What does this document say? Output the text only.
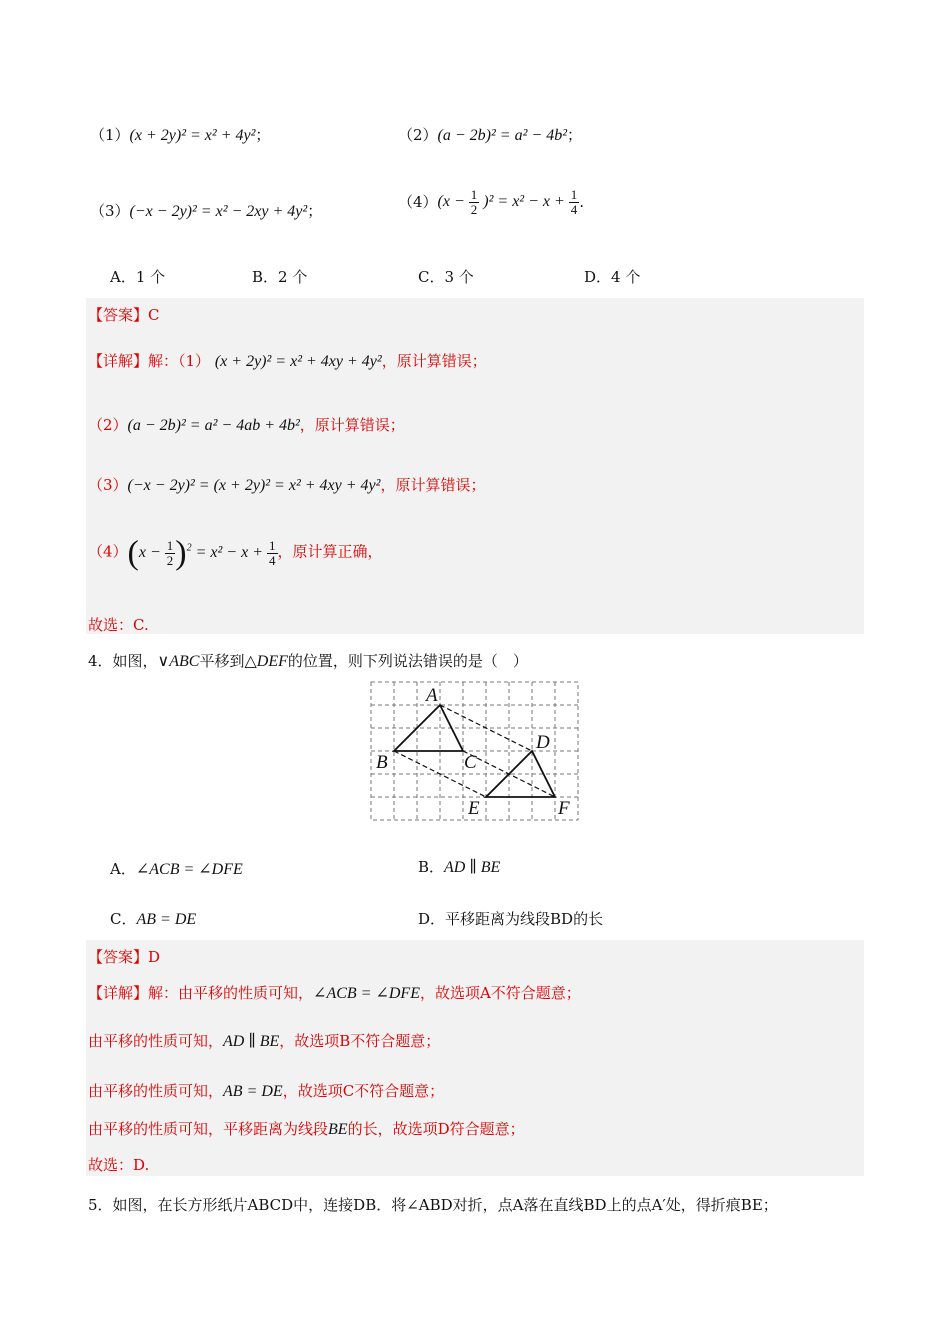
（1）(x + 2y)² = x² + 4y²；	（2）(a − 2b)² = a² − 4b²；
（3）(−x − 2y)² = x² − 2xy + 4y²；	$(4)(x - \frac{1}{2} )^2 = x^2 - x + \frac{1}{4}$ .
A．1 个	B．2 个	C．3 个	D．4 个
【答案】C
【详解】解：（1） (x + 2y)² = x² + 4xy + 4y²，原计算错误；
（2）(a − 2b)² = a² − 4ab + 4b²，原计算错误；
（3）(−x − 2y)² = (x + 2y)² = x² + 4xy + 4y²，原计算错误；
$(4)(x - \frac{1}{2} )^2 = x^2 - x + \frac{1}{4}$ ，原计算正确，
故选：C.
4．如图，∨ABC平移到△DEF的位置，则下列说法错误的是（　）
A
B	C
D
E	F
A．∠ACB = ∠DFE	B．AD ∥ BE
C．AB = DE	D．平移距离为线段BD的长
【答案】D
【详解】解：由平移的性质可知，∠ACB = ∠DFE，故选项A不符合题意；
由平移的性质可知，AD ∥ BE，故选项B不符合题意；
由平移的性质可知，AB = DE，故选项C不符合题意；
由平移的性质可知，平移距离为线段BE的长，故选项D符合题意；
故选：D.
5．如图，在长方形纸片ABCD中，连接DB．将∠ABD对折，点A落在直线BD上的点A′处，得折痕BE；
